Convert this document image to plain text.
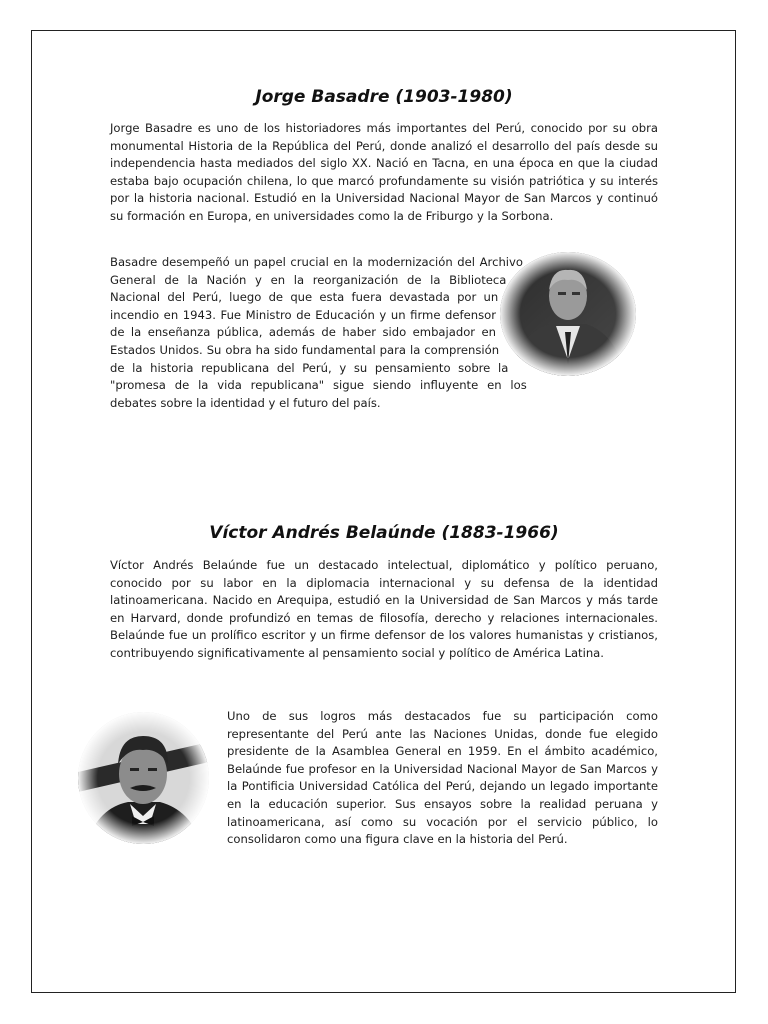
Jorge Basadre (1903-1980)

Jorge Basadre es uno de los historiadores más importantes del Perú, conocido por su obra monumental Historia de la República del Perú, donde analizó el desarrollo del país desde su independencia hasta mediados del siglo XX. Nació en Tacna, en una época en que la ciudad estaba bajo ocupación chilena, lo que marcó profundamente su visión patriótica y su interés por la historia nacional. Estudió en la Universidad Nacional Mayor de San Marcos y continuó su formación en Europa, en universidades como la de Friburgo y la Sorbona.

Basadre desempeñó un papel crucial en la modernización del Archivo General de la Nación y en la reorganización de la Biblioteca Nacional del Perú, luego de que esta fuera devastada por un incendio en 1943. Fue Ministro de Educación y un firme defensor de la enseñanza pública, además de haber sido embajador en Estados Unidos. Su obra ha sido fundamental para la comprensión de la historia republicana del Perú, y su pensamiento sobre la "promesa de la vida republicana" sigue siendo influyente en los debates sobre la identidad y el futuro del país.

Víctor Andrés Belaúnde (1883-1966)

Víctor Andrés Belaúnde fue un destacado intelectual, diplomático y político peruano, conocido por su labor en la diplomacia internacional y su defensa de la identidad latinoamericana. Nacido en Arequipa, estudió en la Universidad de San Marcos y más tarde en Harvard, donde profundizó en temas de filosofía, derecho y relaciones internacionales. Belaúnde fue un prolífico escritor y un firme defensor de los valores humanistas y cristianos, contribuyendo significativamente al pensamiento social y político de América Latina.

Uno de sus logros más destacados fue su participación como representante del Perú ante las Naciones Unidas, donde fue elegido presidente de la Asamblea General en 1959. En el ámbito académico, Belaúnde fue profesor en la Universidad Nacional Mayor de San Marcos y la Pontificia Universidad Católica del Perú, dejando un legado importante en la educación superior. Sus ensayos sobre la realidad peruana y latinoamericana, así como su vocación por el servicio público, lo consolidaron como una figura clave en la historia del Perú.
